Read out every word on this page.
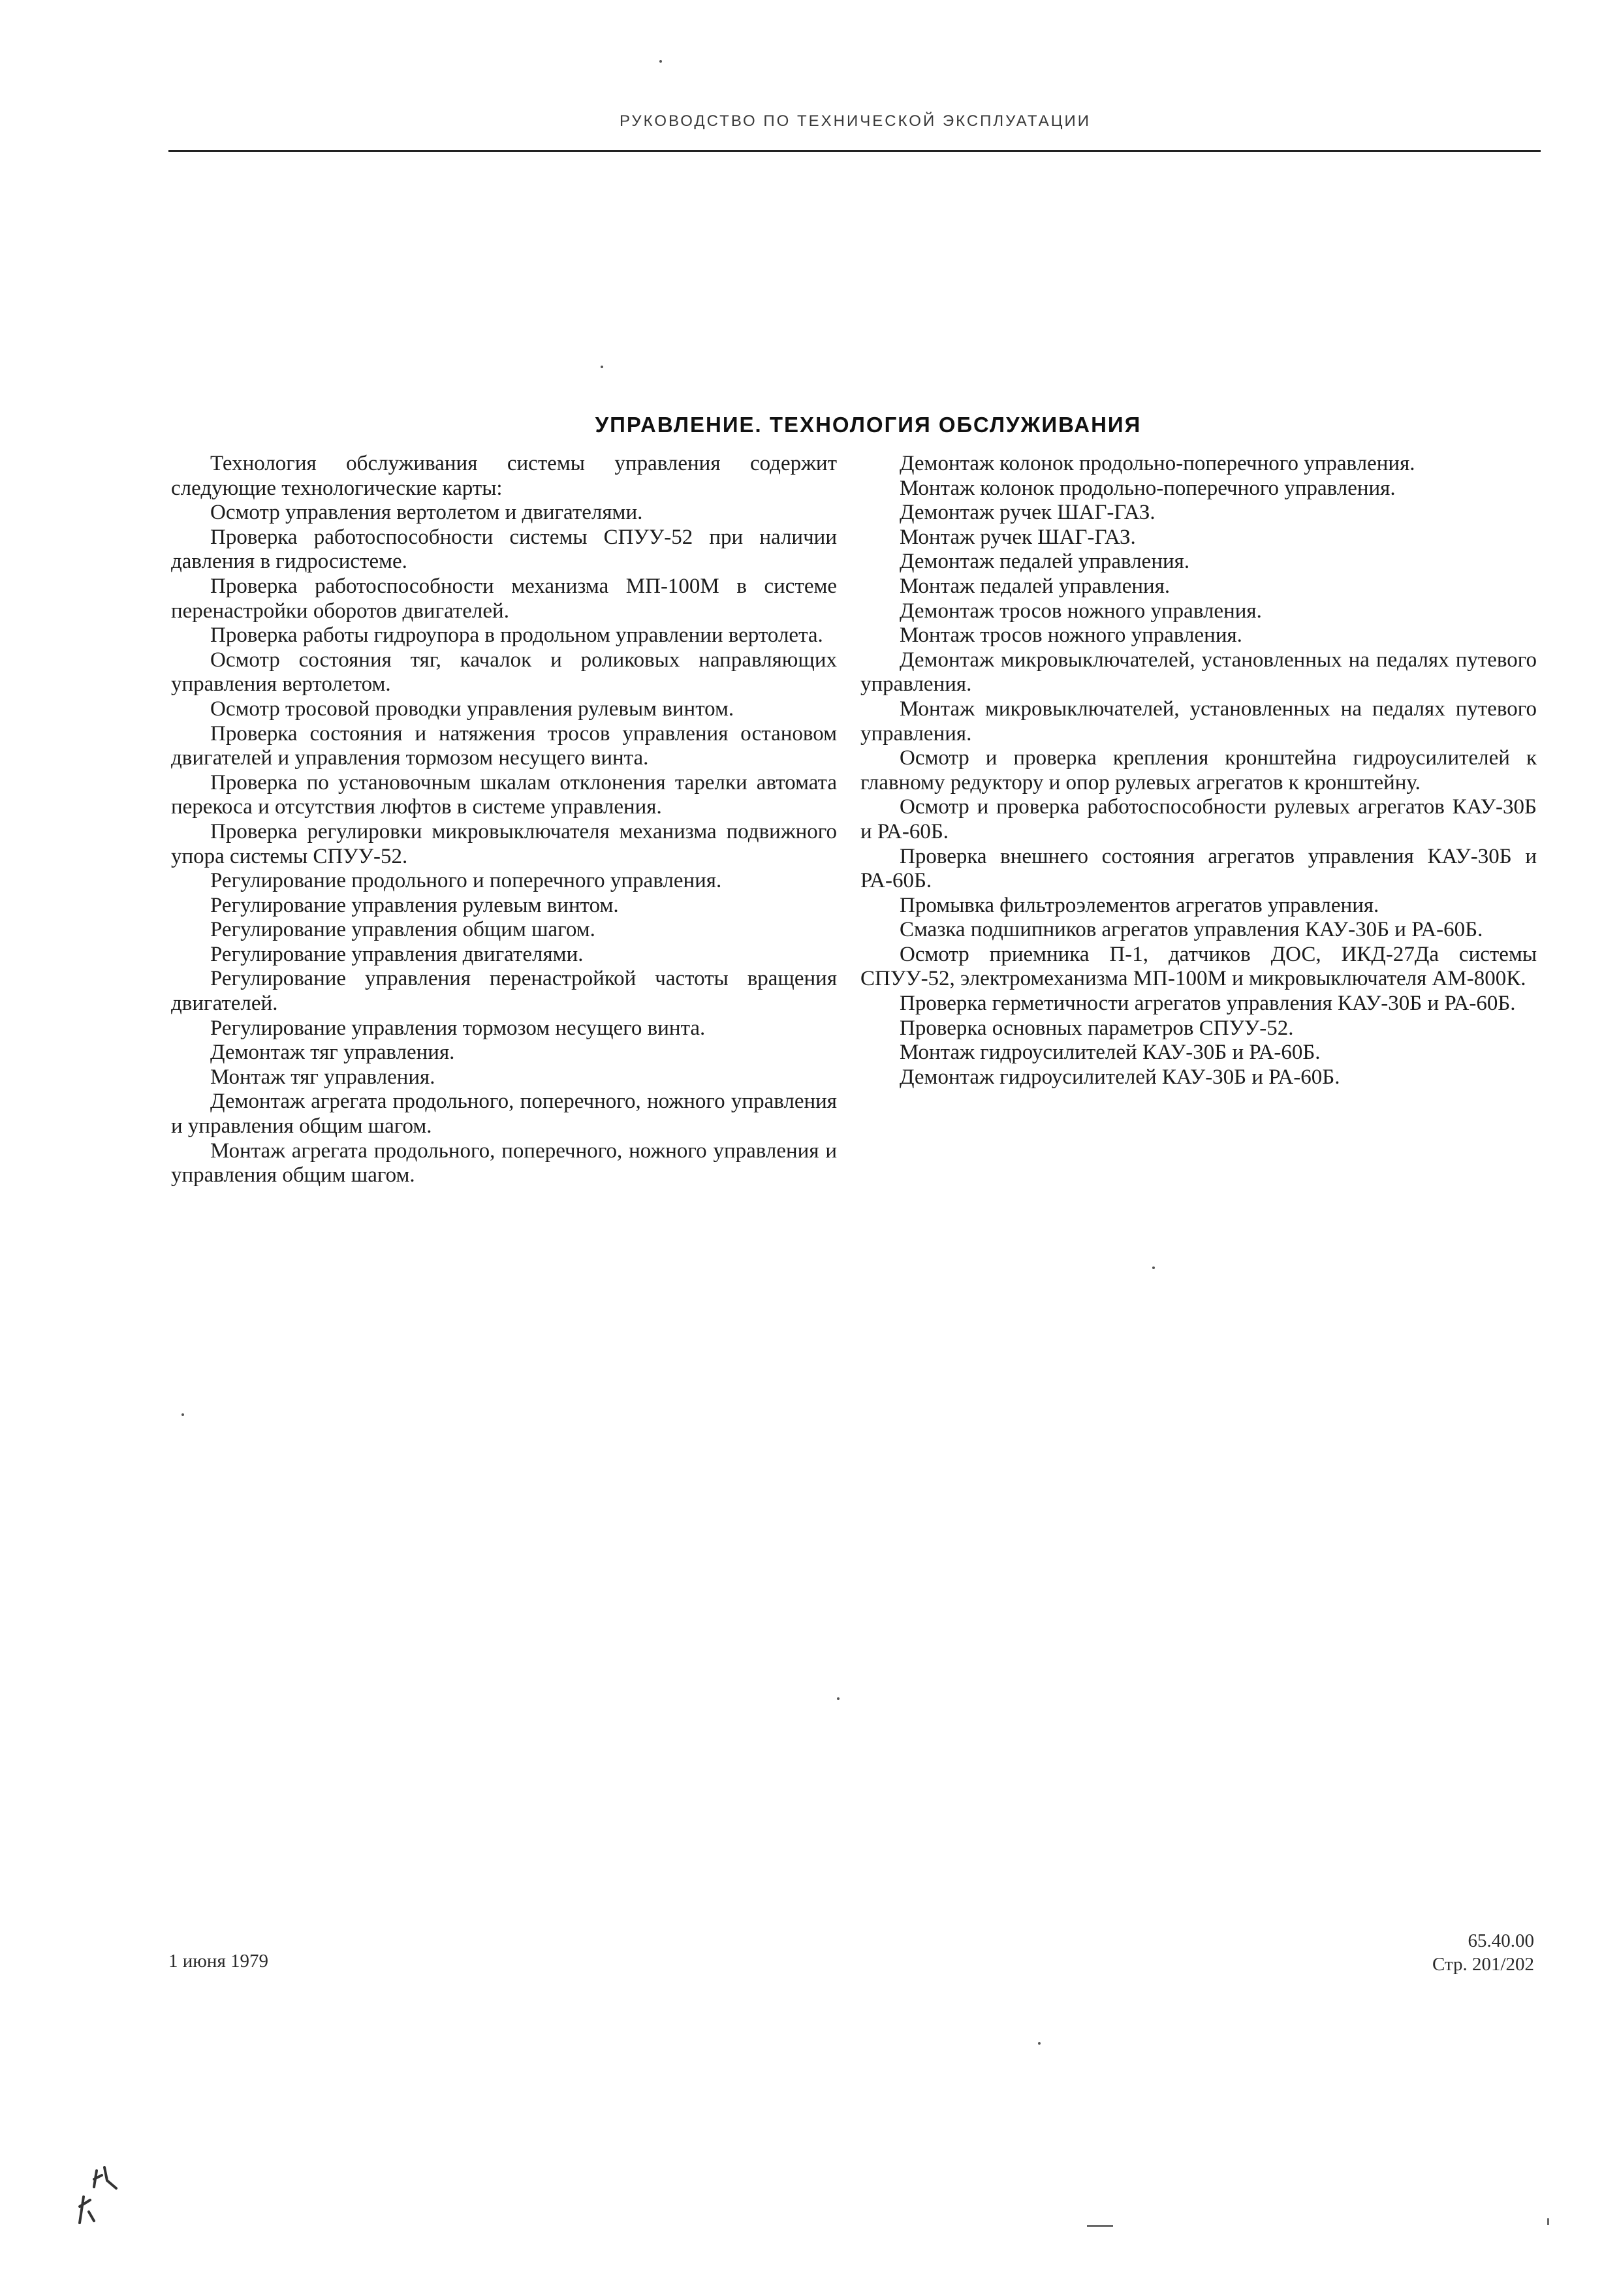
РУКОВОДСТВО ПО ТЕХНИЧЕСКОЙ ЭКСПЛУАТАЦИИ
УПРАВЛЕНИЕ. ТЕХНОЛОГИЯ ОБСЛУЖИВАНИЯ
Технология обслуживания системы управления содержит следующие технологические карты:
Осмотр управления вертолетом и двигателями.
Проверка работоспособности системы СПУУ-52 при наличии давления в гидросистеме.
Проверка работоспособности механизма МП-100М в системе перенастройки оборотов двигателей.
Проверка работы гидроупора в продольном управлении вертолета.
Осмотр состояния тяг, качалок и роликовых направляющих управления вертолетом.
Осмотр тросовой проводки управления рулевым винтом.
Проверка состояния и натяжения тросов управления остановом двигателей и управления тормозом несущего винта.
Проверка по установочным шкалам отклонения тарелки автомата перекоса и отсутствия люфтов в системе управления.
Проверка регулировки микровыключателя механизма подвижного упора системы СПУУ-52.
Регулирование продольного и поперечного управления.
Регулирование управления рулевым винтом.
Регулирование управления общим шагом.
Регулирование управления двигателями.
Регулирование управления перенастройкой частоты вращения двигателей.
Регулирование управления тормозом несущего винта.
Демонтаж тяг управления.
Монтаж тяг управления.
Демонтаж агрегата продольного, поперечного, ножного управления и управления общим шагом.
Монтаж агрегата продольного, поперечного, ножного управления и управления общим шагом.
Демонтаж колонок продольно-поперечного управления.
Монтаж колонок продольно-поперечного управления.
Демонтаж ручек ШАГ-ГАЗ.
Монтаж ручек ШАГ-ГАЗ.
Демонтаж педалей управления.
Монтаж педалей управления.
Демонтаж тросов ножного управления.
Монтаж тросов ножного управления.
Демонтаж микровыключателей, установленных на педалях путевого управления.
Монтаж микровыключателей, установленных на педалях путевого управления.
Осмотр и проверка крепления кронштейна гидроусилителей к главному редуктору и опор рулевых агрегатов к кронштейну.
Осмотр и проверка работоспособности рулевых агрегатов КАУ-30Б и РА-60Б.
Проверка внешнего состояния агрегатов управления КАУ-30Б и РА-60Б.
Промывка фильтроэлементов агрегатов управления.
Смазка подшипников агрегатов управления КАУ-30Б и РА-60Б.
Осмотр приемника П-1, датчиков ДОС, ИКД-27Да системы СПУУ-52, электромеханизма МП-100М и микровыключателя АМ-800К.
Проверка герметичности агрегатов управления КАУ-30Б и РА-60Б.
Проверка основных параметров СПУУ-52.
Монтаж гидроусилителей КАУ-30Б и РА-60Б.
Демонтаж гидроусилителей КАУ-30Б и РА-60Б.
1 июня 1979
65.40.00
Стр. 201/202
